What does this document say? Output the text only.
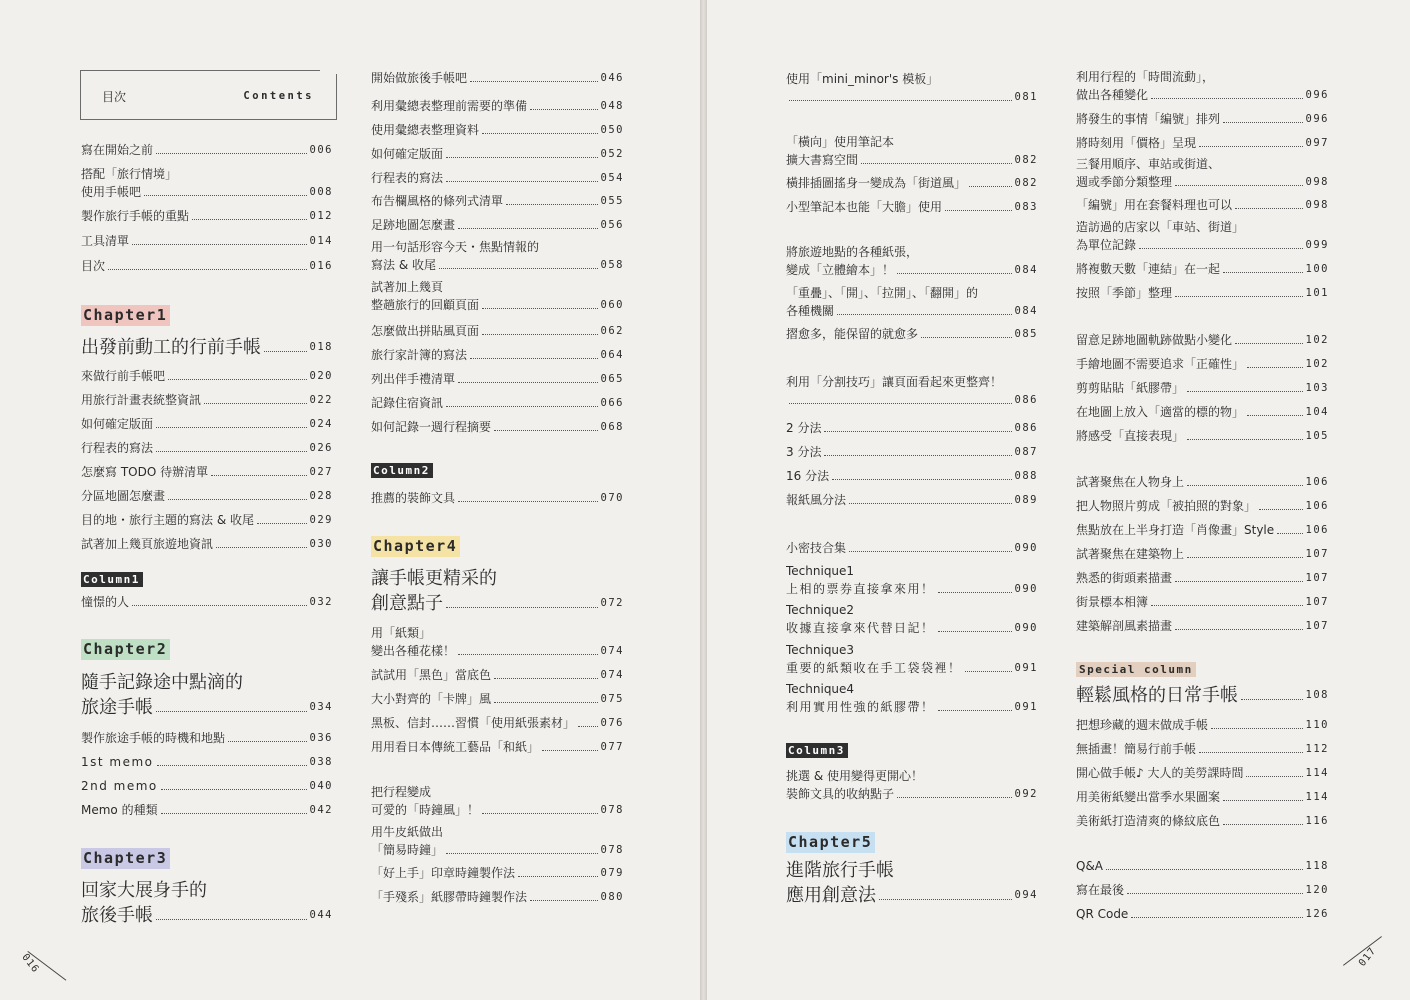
目次	Contents
寫在開始之前	006
搭配「旅行情境」
使用手帳吧	008
製作旅行手帳的重點	012
工具清單	014
目次	016
Chapter1
出發前動工的行前手帳	018
來做行前手帳吧	020
用旅行計畫表統整資訊	022
如何確定版面	024
行程表的寫法	026
怎麼寫 TODO 待辦清單	027
分區地圖怎麼畫	028
目的地・旅行主題的寫法 & 收尾	029
試著加上幾頁旅遊地資訊	030
Column1
憧憬的人	032
Chapter2
隨手記錄途中點滴的
旅途手帳	034
製作旅途手帳的時機和地點	036
1st memo	038
2nd memo	040
Memo 的種類	042
Chapter3
回家大展身手的
旅後手帳	044
開始做旅後手帳吧	046
利用彙總表整理前需要的準備	048
使用彙總表整理資料	050
如何確定版面	052
行程表的寫法	054
布告欄風格的條列式清單	055
足跡地圖怎麼畫	056
用一句話形容今天・焦點情報的
寫法 & 收尾	058
試著加上幾頁
整趟旅行的回顧頁面	060
怎麼做出拼貼風頁面	062
旅行家計簿的寫法	064
列出伴手禮清單	065
記錄住宿資訊	066
如何記錄一週行程摘要	068
Column2
推薦的裝飾文具	070
Chapter4
讓手帳更精采的
創意點子	072
用「紙類」
變出各種花樣！	074
試試用「黑色」當底色	074
大小對齊的「卡牌」風	075
黑板、信封……習慣「使用紙張素材」 076
用用看日本傳統工藝品「和紙」	077
把行程變成
可愛的「時鐘風」！	078
用牛皮紙做出
「簡易時鐘」	078
「好上手」印章時鐘製作法	079
「手殘系」紙膠帶時鐘製作法	080
016
使用「mini_minor's 模板」
081
「橫向」使用筆記本
擴大書寫空間	082
橫排插圖搖身一變成為「街道風」	082
小型筆記本也能「大膽」使用	083
將旅遊地點的各種紙張，
變成「立體繪本」！	084
「重疊」、「開」、「拉開」、「翻開」的
各種機關	084
摺愈多，能保留的就愈多	085
利用「分割技巧」讓頁面看起來更整齊！
086
2 分法	086
3 分法	087
16 分法	088
報紙風分法	089
小密技合集	090
Technique1
上相的票券直接拿來用！	090
Technique2
收據直接拿來代替日記！	090
Technique3
重要的紙類收在手工袋袋裡！	091
Technique4
利用實用性強的紙膠帶！	091
Column3
挑選 & 使用變得更開心！
裝飾文具的收納點子	092
Chapter5
進階旅行手帳
應用創意法	094
利用行程的「時間流動」，
做出各種變化	096
將發生的事情「編號」排列	096
將時刻用「價格」呈現	097
三餐用順序、車站或街道、
週或季節分類整理	098
「編號」用在套餐料理也可以	098
造訪過的店家以「車站、街道」
為單位記錄	099
將複數天數「連結」在一起	100
按照「季節」整理	101
留意足跡地圖軌跡做點小變化	102
手繪地圖不需要追求「正確性」	102
剪剪貼貼「紙膠帶」	103
在地圖上放入「適當的標的物」	104
將感受「直接表現」	105
試著聚焦在人物身上	106
把人物照片剪成「被拍照的對象」	106
焦點放在上半身打造「肖像畫」Style	106
試著聚焦在建築物上	107
熟悉的街頭素描畫	107
街景標本相簿	107
建築解剖風素描畫	107
Special column
輕鬆風格的日常手帳	108
把想珍藏的週末做成手帳	110
無插畫！簡易行前手帳	112
開心做手帳♪ 大人的美勞課時間	114
用美術紙變出當季水果圖案	114
美術紙打造清爽的條紋底色	116
Q&A	118
寫在最後	120
QR Code	126
017
